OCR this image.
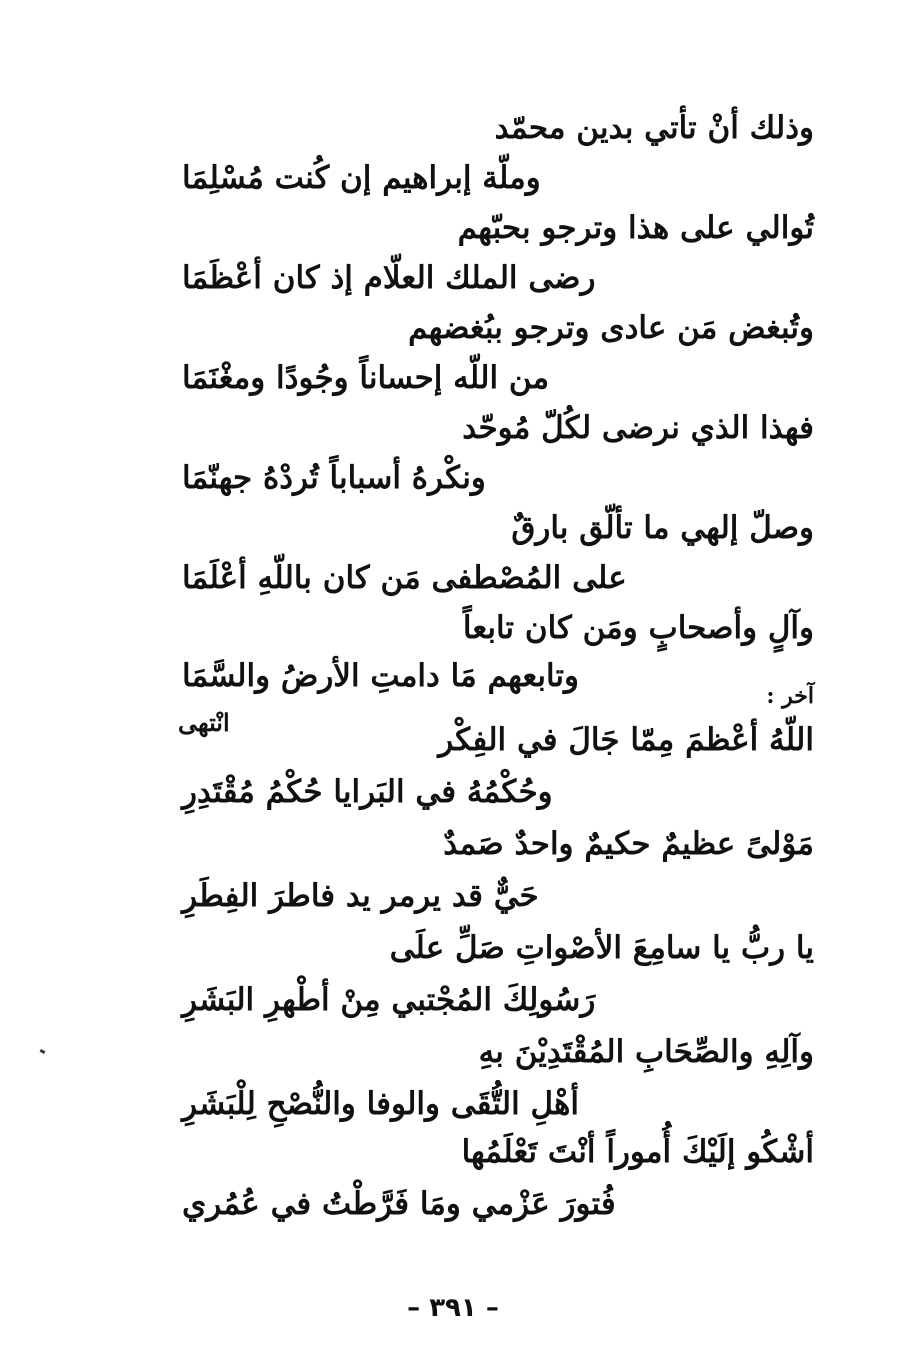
وذلك أنْ تأتي بدين محمّد
وملّة إبراهيم إن كُنت مُسْلِمَا
تُوالي على هذا وترجو بحبّهم
رضى الملك العلّام إذ كان أعْظَمَا
وتُبغض مَن عادى وترجو ببُغضهم
من اللّه إحساناً وجُودًا ومغْنَمَا
فهذا الذي نرضى لكُلّ مُوحّد
ونكْرهُ أسباباً تُردْهُ جهنّمَا
وصلّ إلهي ما تألّق بارقٌ
على المُصْطفى مَن كان باللّهِ أعْلَمَا
وآلٍ وأصحابٍ ومَن كان تابعاً
وتابعهم مَا دامتِ الأرضُ والسَّمَا
آخر :
انْتهى	اللّهُ أعْظمَ مِمّا جَالَ في الفِكْر
وحُكْمُهُ في البَرايا حُكْمُ مُقْتَدِرِ
مَوْلىً عظيمٌ حكيمٌ واحدٌ صَمدٌ
حَيٌّ قد يرمر يد فاطرَ الفِطَرِ
يا ربُّ يا سامِعَ الأصْواتِ صَلِّ علَى
رَسُولِكَ المُجْتبي مِنْ أطْهرِ البَشَرِ
وآلِهِ والصِّحَابِ المُقْتَدِيْنَ بهِ
أهْلِ التُّقَى والوفا والنُّصْحِ لِلْبَشَرِ
أشْكُو إلَيْكَ أُموراً أنْتَ تَعْلَمُها
فُتورَ عَزْمي ومَا فَرَّطْتُ في عُمُري
– ٣٩١ –
